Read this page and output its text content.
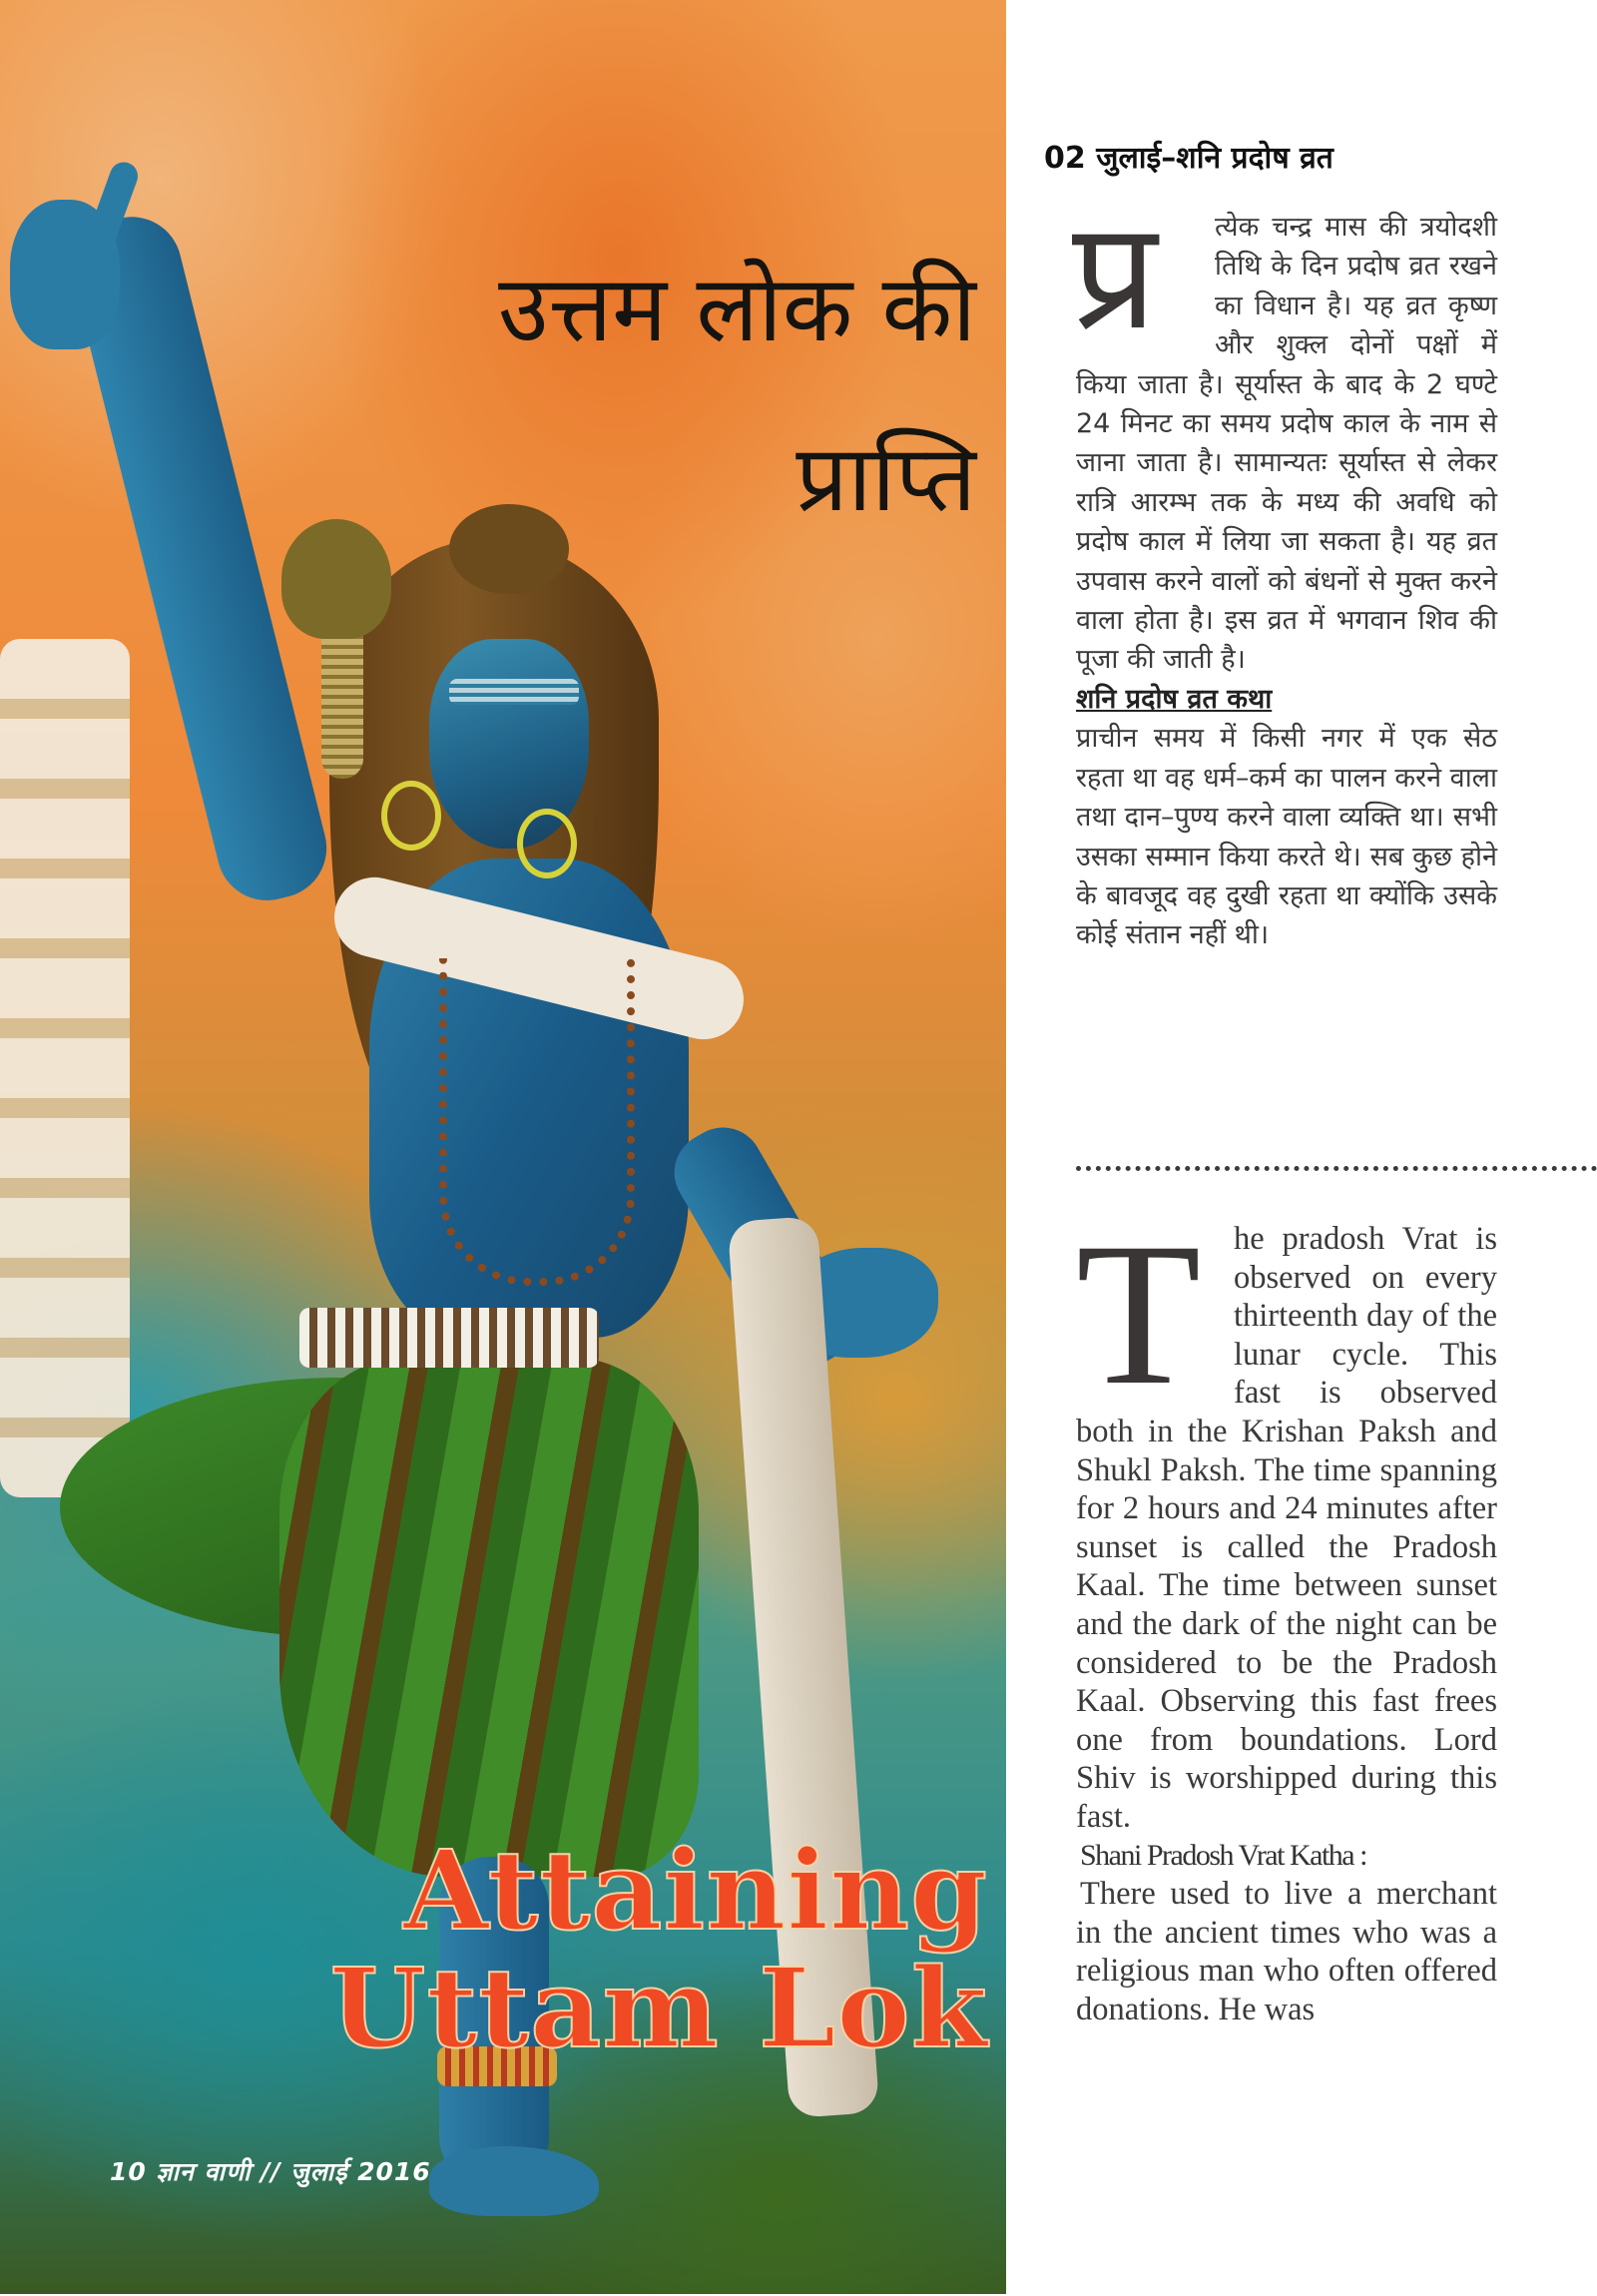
उत्तम लोक की
प्राप्ति
Attaining
Uttam Lok
10 ज्ञान वाणी // जुलाई 2016
02 जुलाई–शनि प्रदोष व्रत
प्र	त्येक चन्द्र मास की त्रयोदशी तिथि के दिन प्रदोष व्रत रखने का विधान है। यह व्रत कृष्ण और शुक्ल दोनों पक्षों में किया जाता है। सूर्यास्त के बाद के 2 घण्टे 24 मिनट का समय प्रदोष काल के नाम से जाना जाता है। सामान्यतः सूर्यास्त से लेकर रात्रि आरम्भ तक के मध्य की अवधि को प्रदोष काल में लिया जा सकता है। यह व्रत उपवास करने वालों को बंधनों से मुक्त करने वाला होता है। इस व्रत में भगवान शिव की पूजा की जाती है।
शनि प्रदोष व्रत कथा
प्राचीन समय में किसी नगर में एक सेठ रहता था वह धर्म–कर्म का पालन करने वाला तथा दान–पुण्य करने वाला व्यक्ति था। सभी उसका सम्मान किया करते थे। सब कुछ होने के बावजूद वह दुखी रहता था क्योंकि उसके कोई संतान नहीं थी।
T	he pradosh Vrat is observed on every thirteenth day of the lunar cycle. This fast is observed both in the Krishan Paksh and Shukl Paksh. The time spanning for 2 hours and 24 minutes after sunset is called the Pradosh Kaal. The time between sunset and the dark of the night can be considered to be the Pradosh Kaal. Observing this fast frees one from boundations. Lord Shiv is worshipped during this fast.
Shani Pradosh Vrat Katha :
There used to live a merchant in the ancient times who was a religious man who often offered donations. He was
